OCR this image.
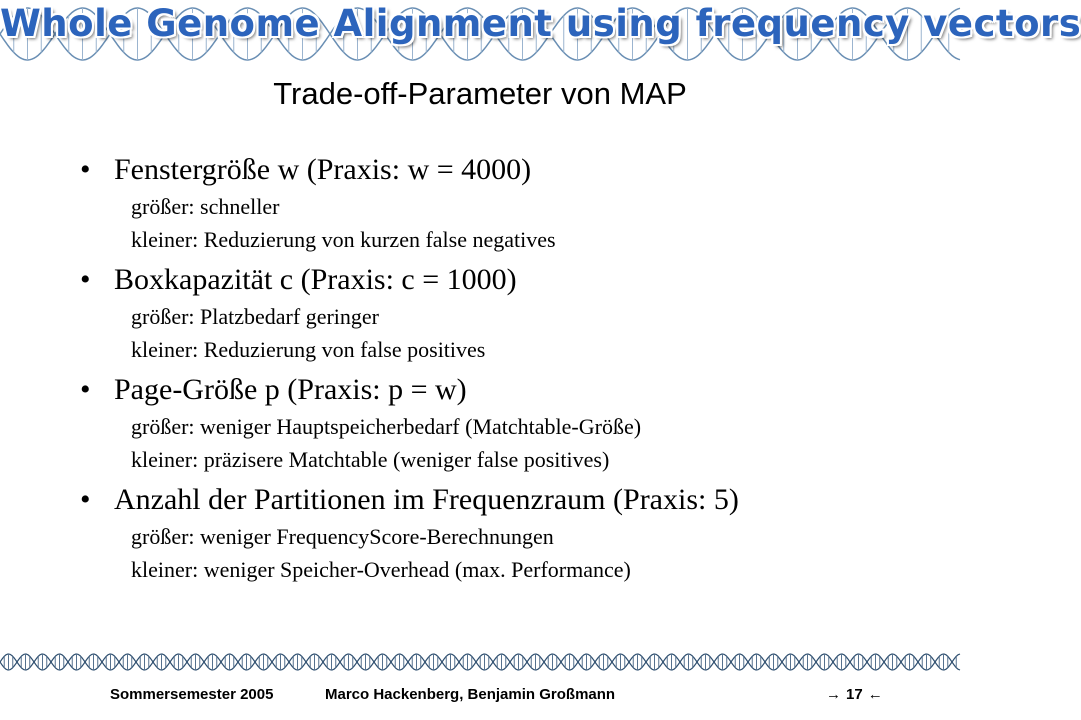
Whole Genome Alignment using frequency vectors
Trade-off-Parameter von MAP
• Fenstergröße w (Praxis: w = 4000)
größer: schneller
kleiner: Reduzierung von kurzen false negatives
• Boxkapazität c (Praxis: c = 1000)
größer: Platzbedarf geringer
kleiner: Reduzierung von false positives
• Page-Größe p (Praxis: p = w)
größer: weniger Hauptspeicherbedarf (Matchtable-Größe)
kleiner: präzisere Matchtable (weniger false positives)
• Anzahl der Partitionen im Frequenzraum (Praxis: 5)
größer: weniger FrequencyScore-Berechnungen
kleiner: weniger Speicher-Overhead (max. Performance)
Sommersemester 2005	Marco Hackenberg, Benjamin Großmann	→ 17 ←
